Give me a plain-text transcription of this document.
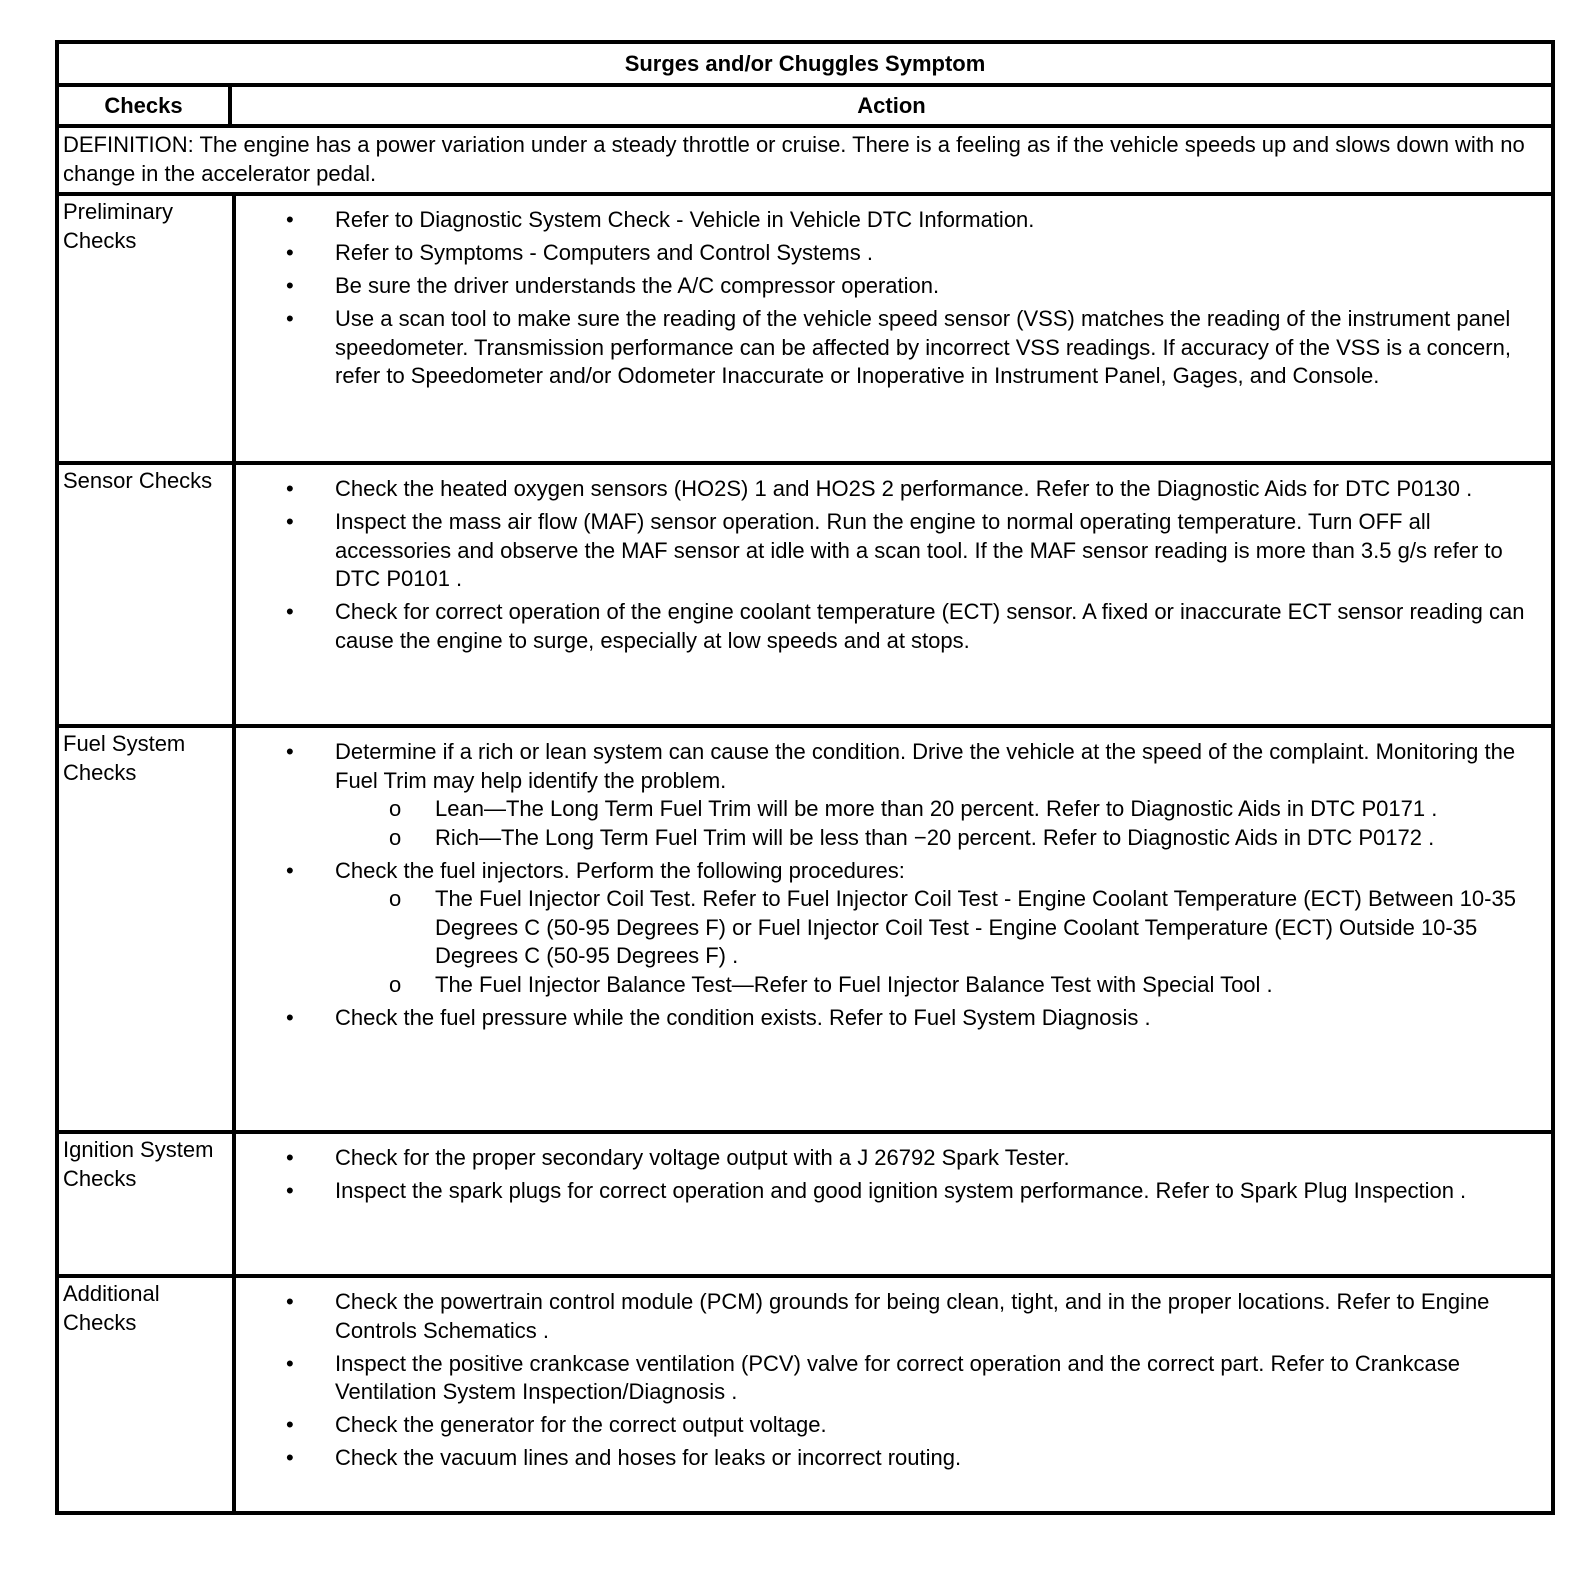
Surges and/or Chuggles Symptom
Checks	Action
DEFINITION: The engine has a power variation under a steady throttle or cruise. There is a feeling as if the vehicle speeds up and slows down with no change in the accelerator pedal.
Preliminary Checks
• Refer to Diagnostic System Check - Vehicle in Vehicle DTC Information.
• Refer to Symptoms - Computers and Control Systems .
• Be sure the driver understands the A/C compressor operation.
• Use a scan tool to make sure the reading of the vehicle speed sensor (VSS) matches the reading of the instrument panel speedometer. Transmission performance can be affected by incorrect VSS readings. If accuracy of the VSS is a concern, refer to Speedometer and/or Odometer Inaccurate or Inoperative in Instrument Panel, Gages, and Console.
Sensor Checks	• Check the heated oxygen sensors (HO2S) 1 and HO2S 2 performance. Refer to the Diagnostic Aids for DTC P0130 .
• Inspect the mass air flow (MAF) sensor operation. Run the engine to normal operating temperature. Turn OFF all accessories and observe the MAF sensor at idle with a scan tool. If the MAF sensor reading is more than 3.5 g/s refer to DTC P0101 .
• Check for correct operation of the engine coolant temperature (ECT) sensor. A fixed or inaccurate ECT sensor reading can cause the engine to surge, especially at low speeds and at stops.
Fuel System Checks
• Determine if a rich or lean system can cause the condition. Drive the vehicle at the speed of the complaint. Monitoring the Fuel Trim may help identify the problem.
o Lean—The Long Term Fuel Trim will be more than 20 percent. Refer to Diagnostic Aids in DTC P0171 .
o Rich—The Long Term Fuel Trim will be less than −20 percent. Refer to Diagnostic Aids in DTC P0172 .
• Check the fuel injectors. Perform the following procedures:
o The Fuel Injector Coil Test. Refer to Fuel Injector Coil Test - Engine Coolant Temperature (ECT) Between 10-35 Degrees C (50-95 Degrees F) or Fuel Injector Coil Test - Engine Coolant Temperature (ECT) Outside 10-35 Degrees C (50-95 Degrees F) .
o The Fuel Injector Balance Test—Refer to Fuel Injector Balance Test with Special Tool .
• Check the fuel pressure while the condition exists. Refer to Fuel System Diagnosis .
Ignition System Checks
• Check for the proper secondary voltage output with a J 26792 Spark Tester.
• Inspect the spark plugs for correct operation and good ignition system performance. Refer to Spark Plug Inspection .
Additional Checks
• Check the powertrain control module (PCM) grounds for being clean, tight, and in the proper locations. Refer to Engine Controls Schematics .
• Inspect the positive crankcase ventilation (PCV) valve for correct operation and the correct part. Refer to Crankcase Ventilation System Inspection/Diagnosis .
• Check the generator for the correct output voltage.
• Check the vacuum lines and hoses for leaks or incorrect routing.
